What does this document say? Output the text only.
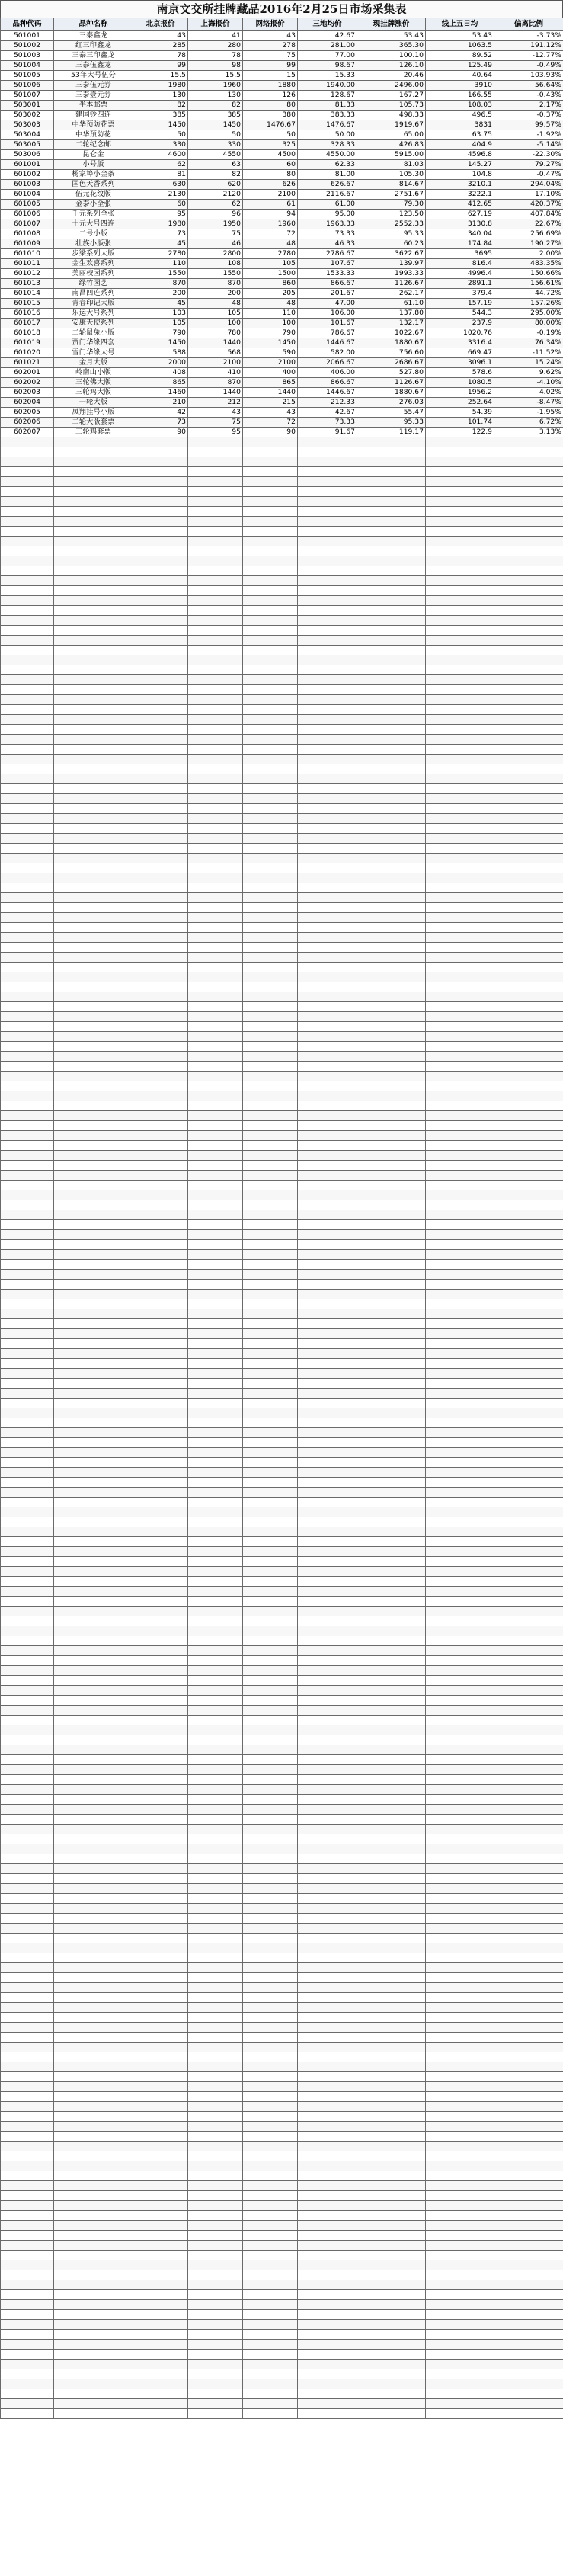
南京文交所挂牌藏品2016年2月25日市场采集表
品种代码	品种名称	北京报价	上海报价	网络报价	三地均价	现挂牌涨价	线上五日均	偏离比例
501001	三泰鑫龙	43	41	43	42.67	53.43	53.43	-3.73%
501002	红三印鑫龙	285	280	278	281.00	365.30	1063.5	191.12%
501003	三泰三印鑫龙	78	78	75	77.00	100.10	89.52	-12.77%
501004	三泰伍鑫龙	99	98	99	98.67	126.10	125.49	-0.49%
501005	53年大号伍分	15.5	15.5	15	15.33	20.46	40.64	103.93%
501006	三泰伍元券	1980	1960	1880	1940.00	2496.00	3910	56.64%
501007	三泰壹元券	130	130	126	128.67	167.27	166.55	-0.43%
503001	半本邮票	82	82	80	81.33	105.73	108.03	2.17%
503002	建国钞四连	385	385	380	383.33	498.33	496.5	-0.37%
503003	中华预防花票	1450	1450	1476.67	1476.67	1919.67	3831	99.57%
503004	中华预防花	50	50	50	50.00	65.00	63.75	-1.92%
503005	二轮纪念邮	330	330	325	328.33	426.83	404.9	-5.14%
503006	昆仑金	4600	4550	4500	4550.00	5915.00	4596.8	-22.30%
601001	小号版	62	63	60	62.33	81.03	145.27	79.27%
601002	杨家埠小金条	81	82	80	81.00	105.30	104.8	-0.47%
601003	国色天香系列	630	620	626	626.67	814.67	3210.1	294.04%
601004	伍元花纹版	2130	2120	2100	2116.67	2751.67	3222.1	17.10%
601005	金泰小全张	60	62	61	61.00	79.30	412.65	420.37%
601006	千元系列全张	95	96	94	95.00	123.50	627.19	407.84%
601007	十元大号四连	1980	1950	1960	1963.33	2552.33	3130.8	22.67%
601008	二号小版	73	75	72	73.33	95.33	340.04	256.69%
601009	壮族小版张	45	46	48	46.33	60.23	174.84	190.27%
601010	步梁系列大版	2780	2800	2780	2786.67	3622.67	3695	2.00%
601011	金生欢喜系列	110	108	105	107.67	139.97	816.4	483.35%
601012	美丽校园系列	1550	1550	1500	1533.33	1993.33	4996.4	150.66%
601013	绿竹园艺	870	870	860	866.67	1126.67	2891.1	156.61%
601014	南昌四连系列	200	200	205	201.67	262.17	379.4	44.72%
601015	青春印记大版	45	48	48	47.00	61.10	157.19	157.26%
601016	乐运大号系列	103	105	110	106.00	137.80	544.3	295.00%
601017	安康天使系列	105	100	100	101.67	132.17	237.9	80.00%
601018	二轮鼠兔小版	790	780	790	786.67	1022.67	1020.76	-0.19%
601019	贾门华缘四套	1450	1440	1450	1446.67	1880.67	3316.4	76.34%
601020	雪门华缘大号	588	568	590	582.00	756.60	669.47	-11.52%
601021	金月大版	2000	2100	2100	2066.67	2686.67	3096.1	15.24%
602001	岭南山小版	408	410	400	406.00	527.80	578.6	9.62%
602002	三轮佛大版	865	870	865	866.67	1126.67	1080.5	-4.10%
602003	三轮鸡大版	1460	1440	1440	1446.67	1880.67	1956.2	4.02%
602004	一轮大版	210	212	215	212.33	276.03	252.64	-8.47%
602005	凤翔挂号小版	42	43	43	42.67	55.47	54.39	-1.95%
602006	二轮大版套票	73	75	72	73.33	95.33	101.74	6.72%
602007	三轮鸡套票	90	95	90	91.67	119.17	122.9	3.13%
